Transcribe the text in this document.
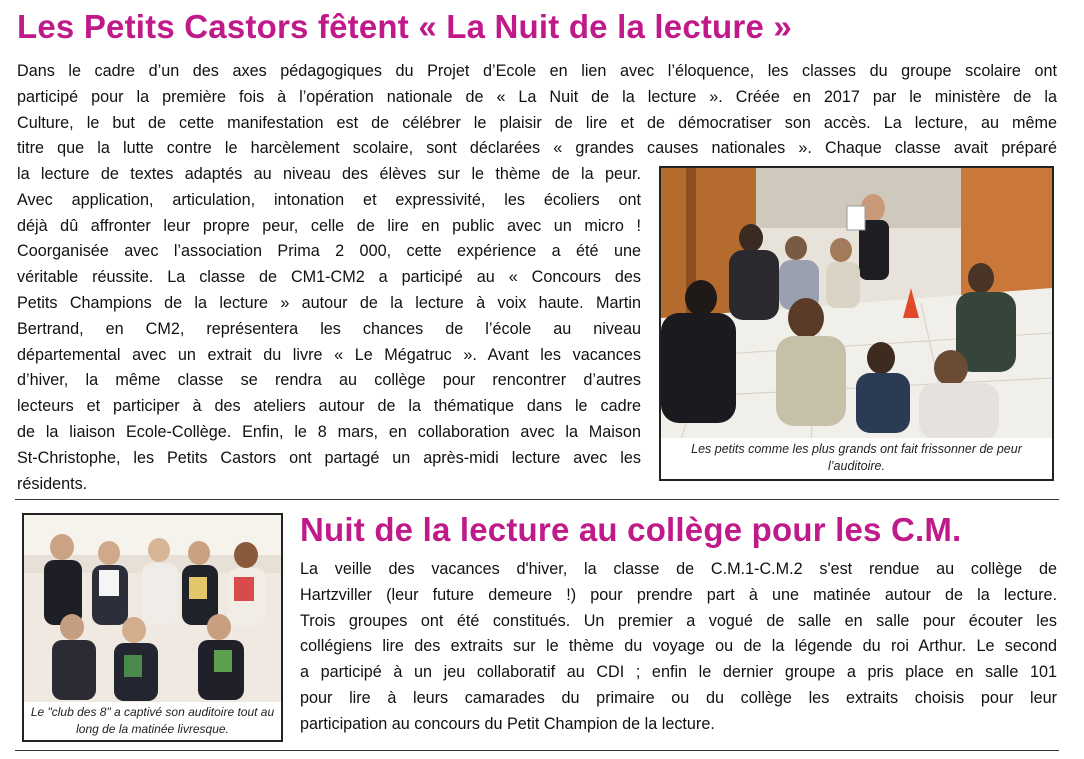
Les Petits Castors fêtent « La Nuit de la lecture »
Dans le cadre d’un des axes pédagogiques du Projet d’Ecole en lien avec l’éloquence, les classes du groupe scolaire ont
participé pour la première fois à l’opération nationale de « La Nuit de la lecture ». Créée en 2017 par le ministère de la
Culture, le but de cette manifestation est de célébrer le plaisir de lire et de démocratiser son accès. La lecture, au même
titre que la lutte contre le harcèlement scolaire, sont déclarées « grandes causes nationales ». Chaque classe avait préparé
la lecture de textes adaptés au niveau des élèves sur le thème de la peur.
Avec application, articulation, intonation et expressivité, les écoliers ont
déjà dû affronter leur propre peur, celle de lire en public avec un micro !
Coorganisée avec l’association Prima 2 000, cette expérience a été une
véritable réussite. La classe de CM1-CM2 a participé au « Concours des
Petits Champions de la lecture » autour de la lecture à voix haute. Martin
Bertrand, en CM2, représentera les chances de l’école au niveau
départemental avec un extrait du livre « Le Mégatruc ». Avant les vacances
d’hiver, la même classe se rendra au collège pour rencontrer d’autres
lecteurs et participer à des ateliers autour de la thématique dans le cadre
de la liaison Ecole-Collège. Enfin, le 8 mars, en collaboration avec la Maison
St-Christophe, les Petits Castors ont partagé un après-midi lecture avec les
résidents.
Les petits comme les plus grands ont fait frissonner de peur l’auditoire.
Le "club des 8" a captivé son auditoire tout au long de la matinée livresque.
Nuit de la lecture au collège pour les C.M.
La veille des vacances d'hiver, la classe de C.M.1-C.M.2 s'est rendue au collège de
Hartzviller (leur future demeure !) pour prendre part à une matinée autour de la lecture.
Trois groupes ont été constitués. Un premier a vogué de salle en salle pour écouter les
collégiens lire des extraits sur le thème du voyage ou de la légende du roi Arthur. Le second
a participé à un jeu collaboratif au CDI ; enfin le dernier groupe a pris place en salle 101
pour lire à leurs camarades du primaire ou du collège les extraits choisis pour leur
participation au concours du Petit Champion de la lecture.
